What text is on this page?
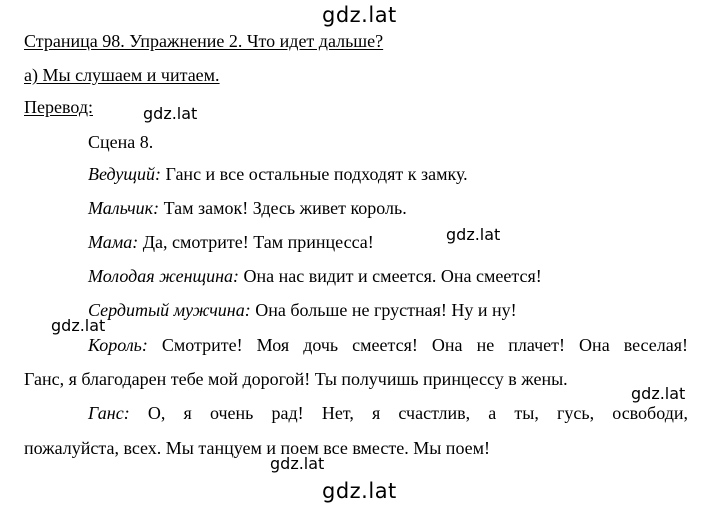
gdz.lat
gdz.lat
gdz.lat
gdz.lat
gdz.lat
gdz.lat
gdz.lat
Страница 98. Упражнение 2. Что идет дальше?
а) Мы слушаем и читаем.
Перевод:
Сцена 8.
Ведущий: Ганс и все остальные подходят к замку.
Мальчик: Там замок! Здесь живет король.
Мама: Да, смотрите! Там принцесса!
Молодая женщина: Она нас видит и смеется. Она смеется!
Сердитый мужчина: Она больше не грустная! Ну и ну!
Король: Смотрите! Моя дочь смеется! Она не плачет! Она веселая!
Ганс, я благодарен тебе мой дорогой! Ты получишь принцессу в жены.
Ганс: О, я очень рад! Нет, я счастлив, а ты, гусь, освободи,
пожалуйста, всех. Мы танцуем и поем все вместе. Мы поем!
